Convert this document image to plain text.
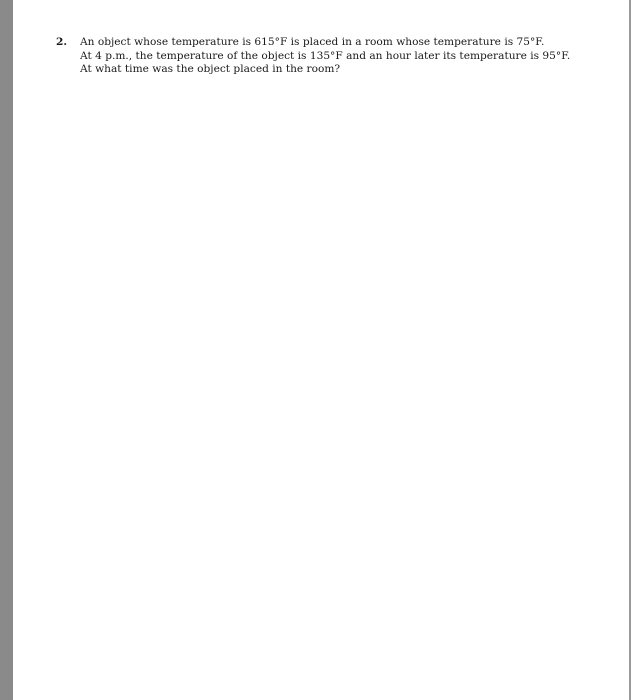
2. An object whose temperature is 615°F is placed in a room whose temperature is 75°F.
At 4 p.m., the temperature of the object is 135°F and an hour later its temperature is 95°F.
At what time was the object placed in the room?
